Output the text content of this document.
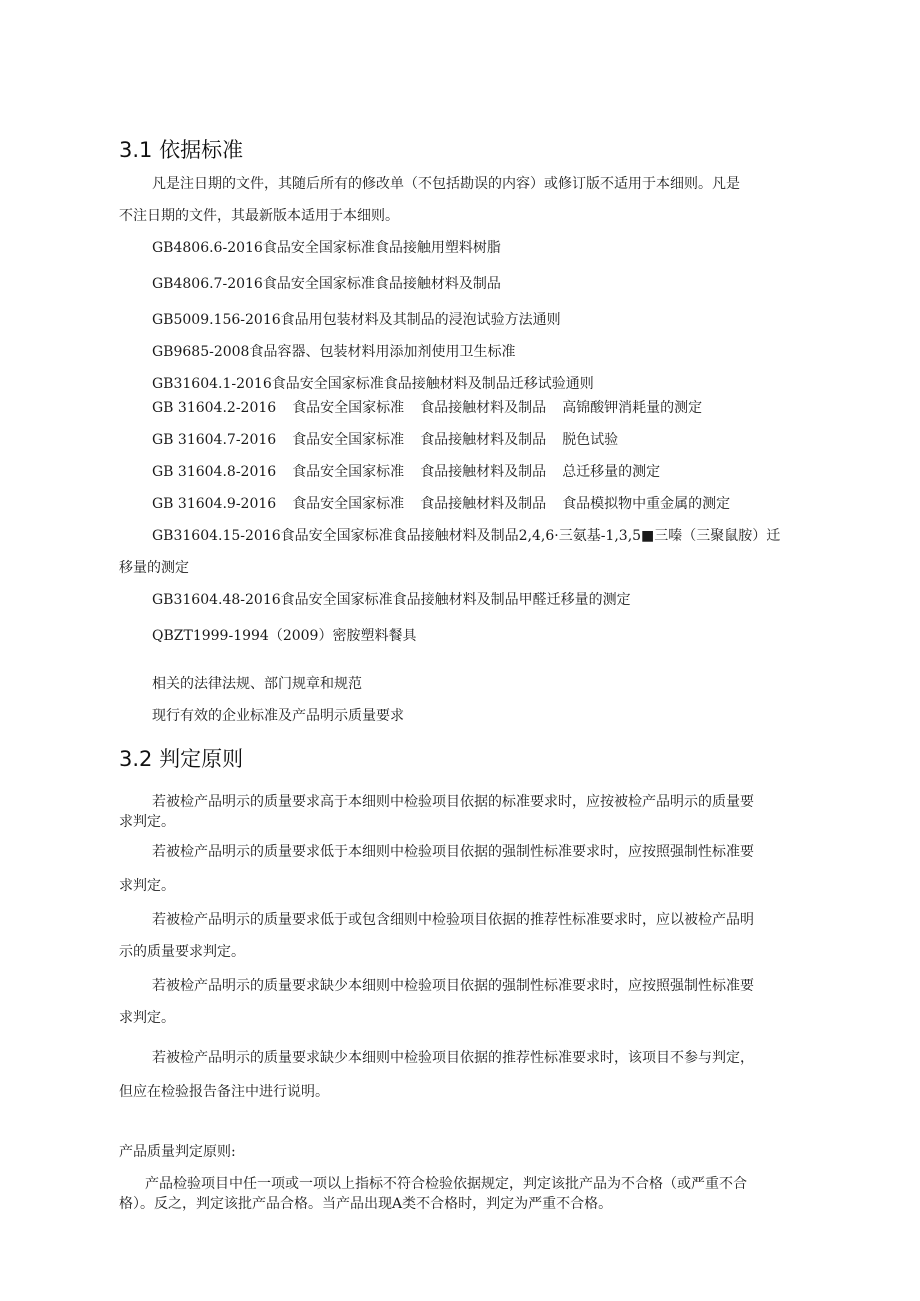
3.1 依据标准
凡是注日期的文件，其随后所有的修改单（不包括勘误的内容）或修订版不适用于本细则。凡是
不注日期的文件，其最新版本适用于本细则。
GB4806.6-2016食品安全国家标准食品接触用塑料树脂
GB4806.7-2016食品安全国家标准食品接触材料及制品
GB5009.156-2016食品用包装材料及其制品的浸泡试验方法通则
GB9685-2008食品容器、包装材料用添加剂使用卫生标准
GB31604.1-2016食品安全国家标准食品接触材料及制品迁移试验通则
GB 31604.2-2016 食品安全国家标准 食品接触材料及制品 高锦酸钾消耗量的测定
GB 31604.7-2016 食品安全国家标准 食品接触材料及制品 脱色试验
GB 31604.8-2016 食品安全国家标准 食品接触材料及制品 总迁移量的测定
GB 31604.9-2016 食品安全国家标准 食品接触材料及制品 食品模拟物中重金属的测定
GB31604.15-2016食品安全国家标准食品接触材料及制品2,4,6·三氨基-1,3,5■三嗪（三聚鼠胺）迁
移量的测定
GB31604.48-2016食品安全国家标准食品接触材料及制品甲醛迁移量的测定
QBZT1999-1994（2009）密胺塑料餐具
相关的法律法规、部门规章和规范
现行有效的企业标准及产品明示质量要求
3.2 判定原则
若被检产品明示的质量要求高于本细则中检验项目依据的标准要求时，应按被检产品明示的质量要
求判定。
若被检产品明示的质量要求低于本细则中检验项目依据的强制性标准要求时，应按照强制性标准要
求判定。
若被检产品明示的质量要求低于或包含细则中检验项目依据的推荐性标准要求时，应以被检产品明
示的质量要求判定。
若被检产品明示的质量要求缺少本细则中检验项目依据的强制性标准要求时，应按照强制性标准要
求判定。
若被检产品明示的质量要求缺少本细则中检验项目依据的推荐性标准要求时，该项目不参与判定，
但应在检验报告备注中进行说明。
产品质量判定原则:
产品检验项目中任一项或一项以上指标不符合检验依据规定，判定该批产品为不合格（或严重不合
格）。反之，判定该批产品合格。当产品出现A类不合格时，判定为严重不合格。
